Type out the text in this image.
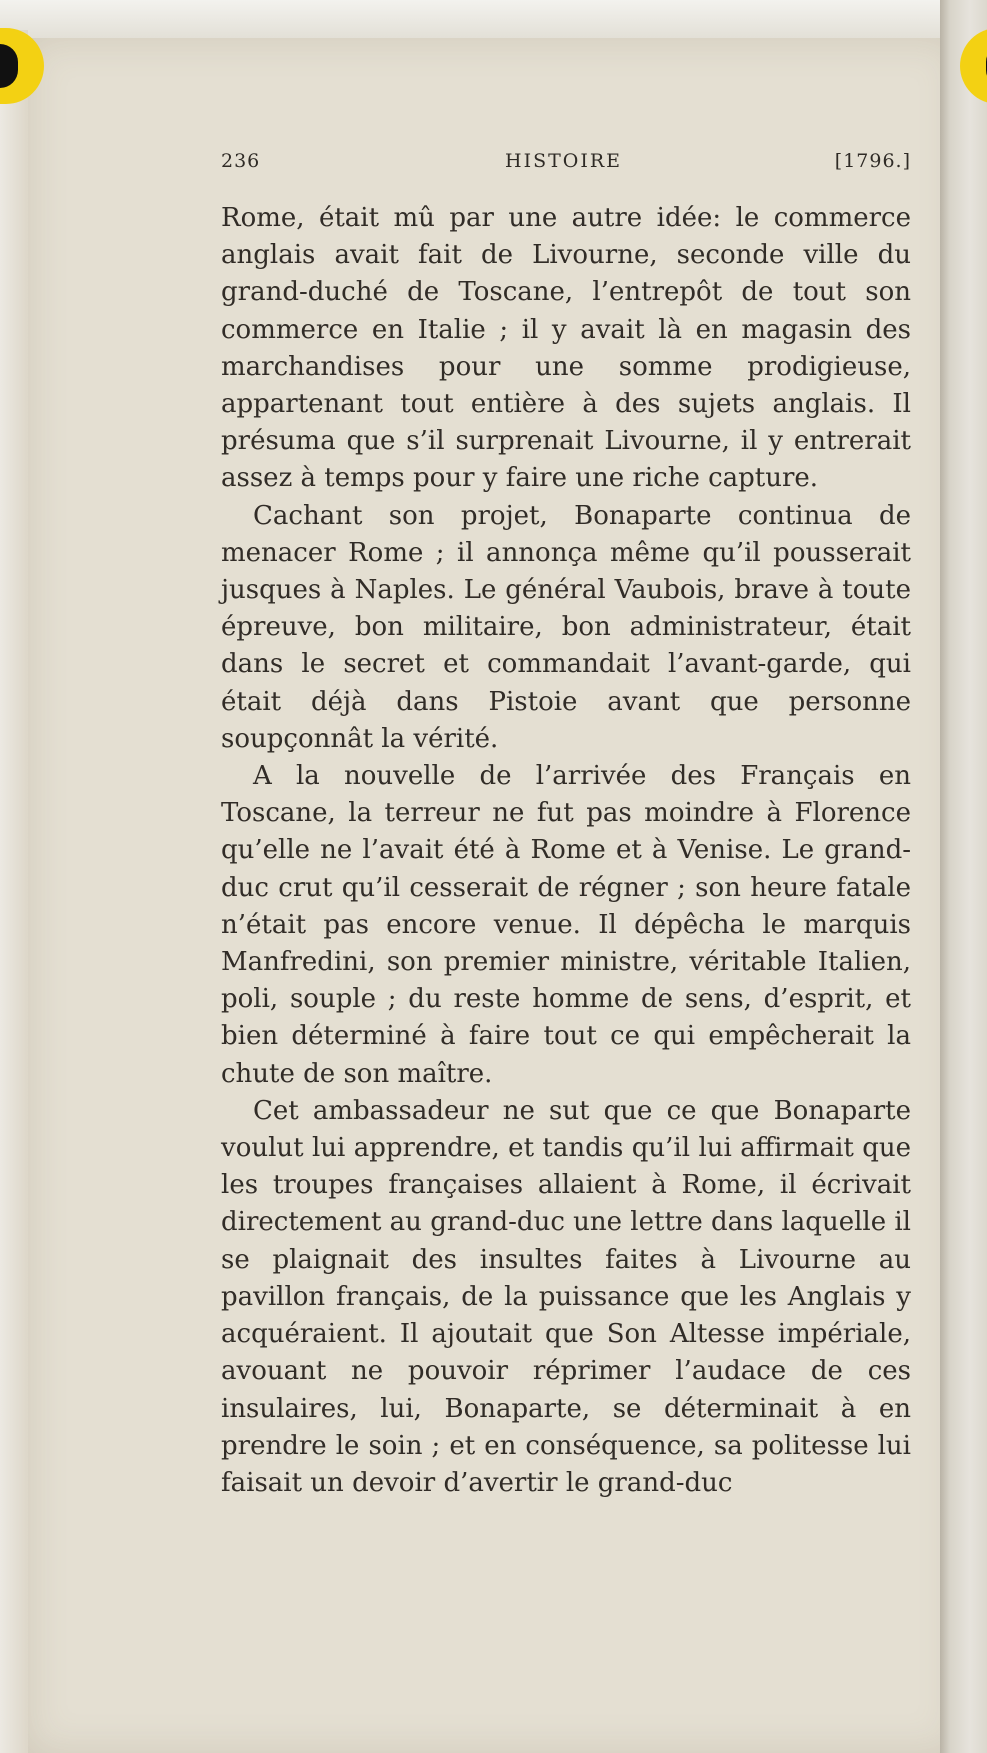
236	HISTOIRE	[1796.]

Rome, était mû par une autre idée: le commerce anglais avait fait de Livourne, seconde ville du grand-duché de Toscane, l’entrepôt de tout son commerce en Italie ; il y avait là en magasin des marchandises pour une somme prodigieuse, appartenant tout entière à des sujets anglais. Il présuma que s’il surprenait Livourne, il y entrerait assez à temps pour y faire une riche capture.

Cachant son projet, Bonaparte continua de menacer Rome ; il annonça même qu’il pousserait jusques à Naples. Le général Vaubois, brave à toute épreuve, bon militaire, bon administrateur, était dans le secret et commandait l’avant-garde, qui était déjà dans Pistoie avant que personne soupçonnât la vérité.

A la nouvelle de l’arrivée des Français en Toscane, la terreur ne fut pas moindre à Florence qu’elle ne l’avait été à Rome et à Venise. Le grand-duc crut qu’il cesserait de régner ; son heure fatale n’était pas encore venue. Il dépêcha le marquis Manfredini, son premier ministre, véritable Italien, poli, souple ; du reste homme de sens, d’esprit, et bien déterminé à faire tout ce qui empêcherait la chute de son maître.

Cet ambassadeur ne sut que ce que Bonaparte voulut lui apprendre, et tandis qu’il lui affirmait que les troupes françaises allaient à Rome, il écrivait directement au grand-duc une lettre dans laquelle il se plaignait des insultes faites à Livourne au pavillon français, de la puissance que les Anglais y acquéraient. Il ajoutait que Son Altesse impériale, avouant ne pouvoir réprimer l’audace de ces insulaires, lui, Bonaparte, se déterminait à en prendre le soin ; et en conséquence, sa politesse lui faisait un devoir d’avertir le grand-duc
